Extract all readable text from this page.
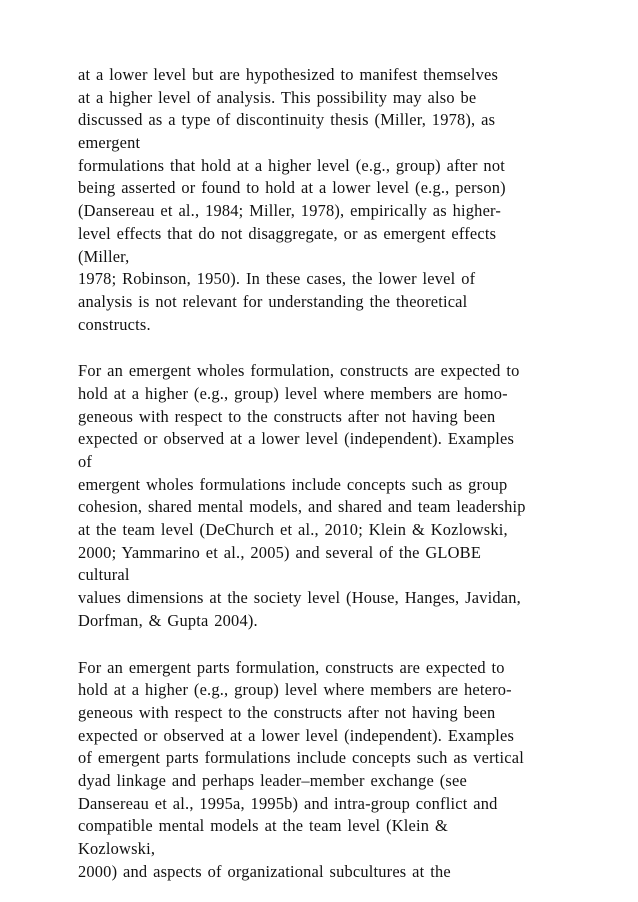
at a lower level but are hypothesized to manifest themselves
at a higher level of analysis. This possibility may also be
discussed as a type of discontinuity thesis (Miller, 1978), as
emergent
formulations that hold at a higher level (e.g., group) after not
being asserted or found to hold at a lower level (e.g., person)
(Dansereau et al., 1984; Miller, 1978), empirically as higher-
level effects that do not disaggregate, or as emergent effects
(Miller,
1978; Robinson, 1950). In these cases, the lower level of
analysis is not relevant for understanding the theoretical
constructs.
For an emergent wholes formulation, constructs are expected to
hold at a higher (e.g., group) level where members are homo-
geneous with respect to the constructs after not having been
expected or observed at a lower level (independent). Examples
of
emergent wholes formulations include concepts such as group
cohesion, shared mental models, and shared and team leadership
at the team level (DeChurch et al., 2010; Klein & Kozlowski,
2000; Yammarino et al., 2005) and several of the GLOBE
cultural
values dimensions at the society level (House, Hanges, Javidan,
Dorfman, & Gupta 2004).
For an emergent parts formulation, constructs are expected to
hold at a higher (e.g., group) level where members are hetero-
geneous with respect to the constructs after not having been
expected or observed at a lower level (independent). Examples
of emergent parts formulations include concepts such as vertical
dyad linkage and perhaps leader–member exchange (see
Dansereau et al., 1995a, 1995b) and intra-group conflict and
compatible mental models at the team level (Klein &
Kozlowski,
2000) and aspects of organizational subcultures at the
